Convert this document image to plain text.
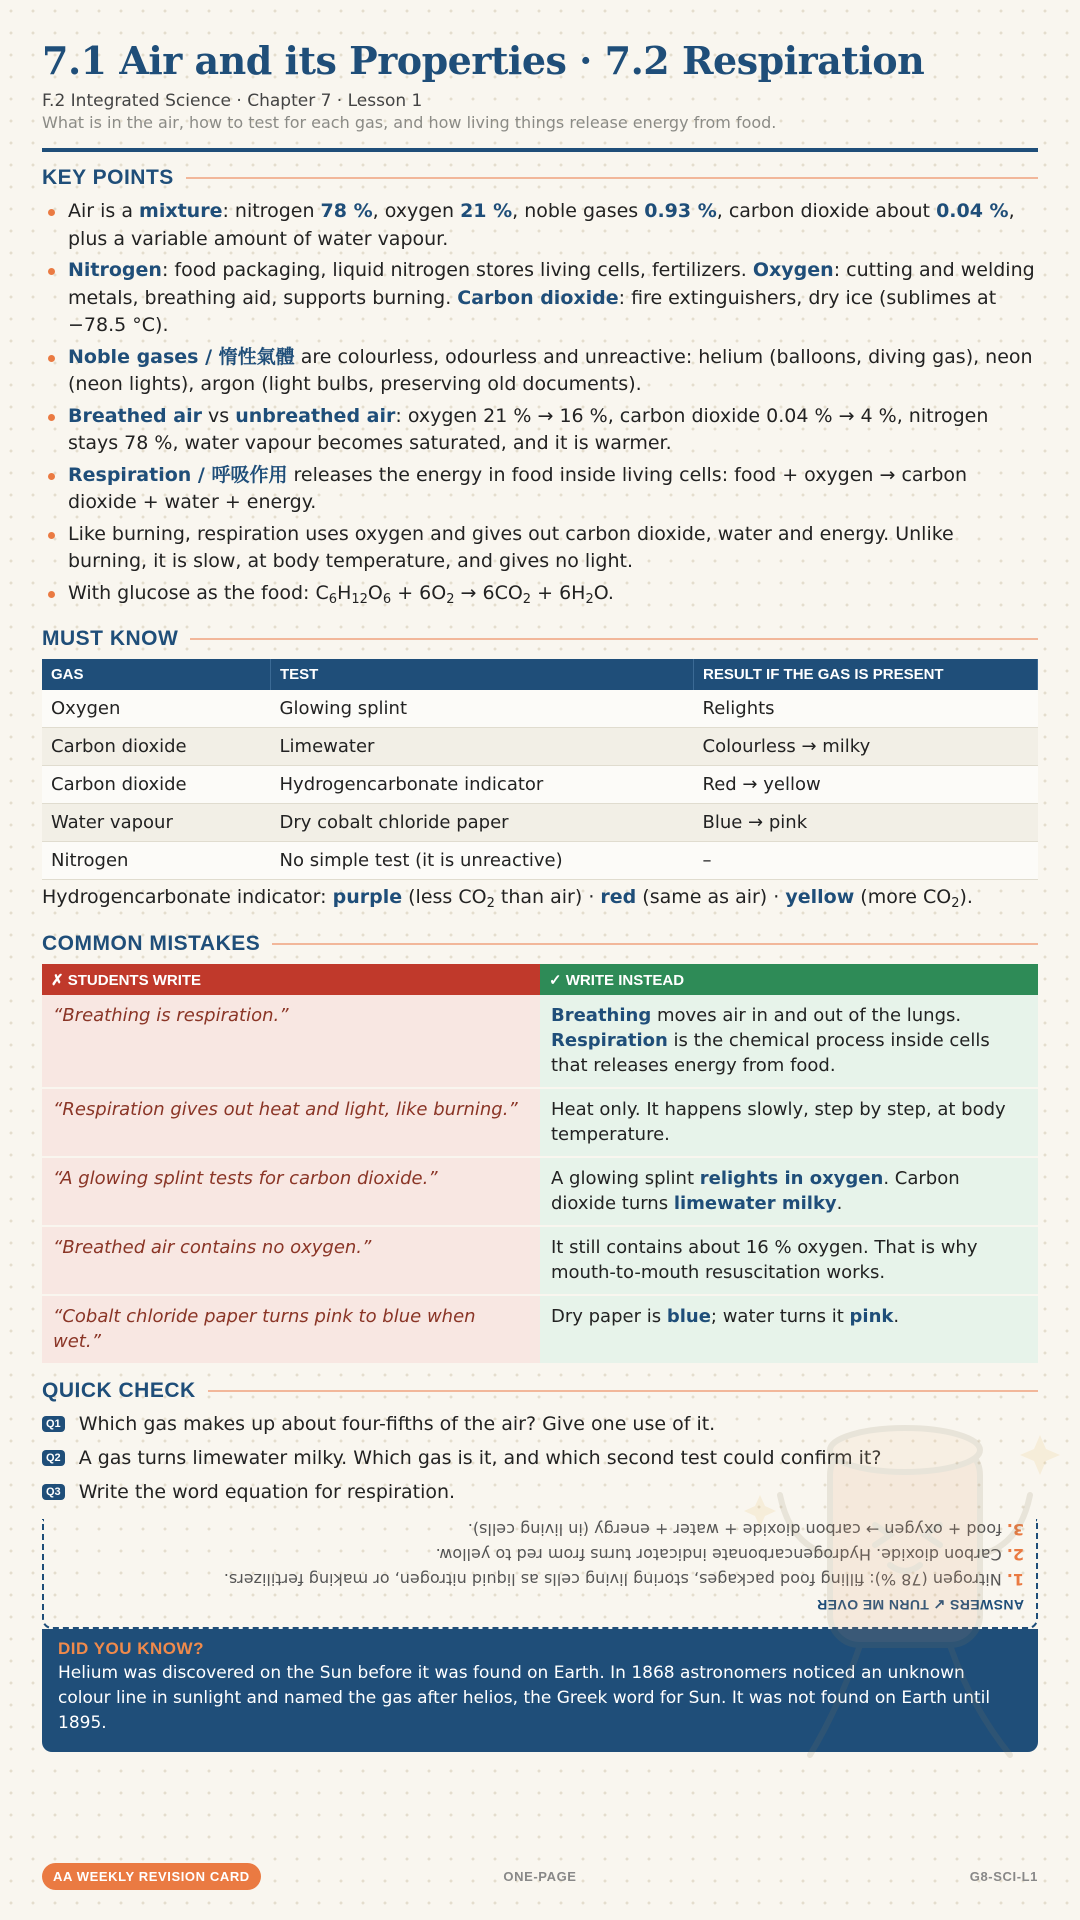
7.1 Air and its Properties · 7.2 Respiration
F.2 Integrated Science · Chapter 7 · Lesson 1
What is in the air, how to test for each gas, and how living things release energy from food.
KEY POINTS
Air is a mixture: nitrogen 78 %, oxygen 21 %, noble gases 0.93 %, carbon dioxide about 0.04 %, plus a variable amount of water vapour.
Nitrogen: food packaging, liquid nitrogen stores living cells, fertilizers. Oxygen: cutting and welding metals, breathing aid, supports burning. Carbon dioxide: fire extinguishers, dry ice (sublimes at −78.5 °C).
Noble gases / 惰性氣體 are colourless, odourless and unreactive: helium (balloons, diving gas), neon (neon lights), argon (light bulbs, preserving old documents).
Breathed air vs unbreathed air: oxygen 21 % → 16 %, carbon dioxide 0.04 % → 4 %, nitrogen stays 78 %, water vapour becomes saturated, and it is warmer.
Respiration / 呼吸作用 releases the energy in food inside living cells: food + oxygen → carbon dioxide + water + energy.
Like burning, respiration uses oxygen and gives out carbon dioxide, water and energy. Unlike burning, it is slow, at body temperature, and gives no light.
With glucose as the food: $C_6H_{12}O_6 + 6O_2 \to 6CO_2 + 6H_2O$.
MUST KNOW
GAS	TEST	RESULT IF THE GAS IS PRESENT
Oxygen	Glowing splint	Relights
Carbon dioxide	Limewater	Colourless → milky
Carbon dioxide	Hydrogencarbonate indicator	Red → yellow
Water vapour	Dry cobalt chloride paper	Blue → pink
Nitrogen	No simple test (it is unreactive)	–
Hydrogencarbonate indicator: purple (less $CO_2$ than air) · red (same as air) · yellow (more $CO_2$).
COMMON MISTAKES
✗ STUDENTS WRITE	✓ WRITE INSTEAD
“Breathing is respiration.”	Breathing moves air in and out of the lungs. Respiration is the chemical process inside cells that releases energy from food.
“Respiration gives out heat and light, like burning.”	Heat only. It happens slowly, step by step, at body temperature.
“A glowing splint tests for carbon dioxide.”	A glowing splint relights in oxygen. Carbon dioxide turns limewater milky.
“Breathed air contains no oxygen.”	It still contains about 16 % oxygen. That is why mouth-to-mouth resuscitation works.
“Cobalt chloride paper turns pink to blue when wet.”	Dry paper is blue; water turns it pink.
QUICK CHECK
Q1 Which gas makes up about four-fifths of the air? Give one use of it.
Q2 A gas turns limewater milky. Which gas is it, and which second test could confirm it?
Q3 Write the word equation for respiration.
ANSWERS ↙ TURN ME OVER
1. Nitrogen (78 %): filling food packages, storing living cells as liquid nitrogen, or making fertilizers.
2. Carbon dioxide. Hydrogencarbonate indicator turns from red to yellow.
3. food + oxygen → carbon dioxide + water + energy (in living cells).
DID YOU KNOW?
Helium was discovered on the Sun before it was found on Earth. In 1868 astronomers noticed an unknown colour line in sunlight and named the gas after helios, the Greek word for Sun. It was not found on Earth until 1895.
AA WEEKLY REVISION CARD	ONE-PAGE	G8-SCI-L1
